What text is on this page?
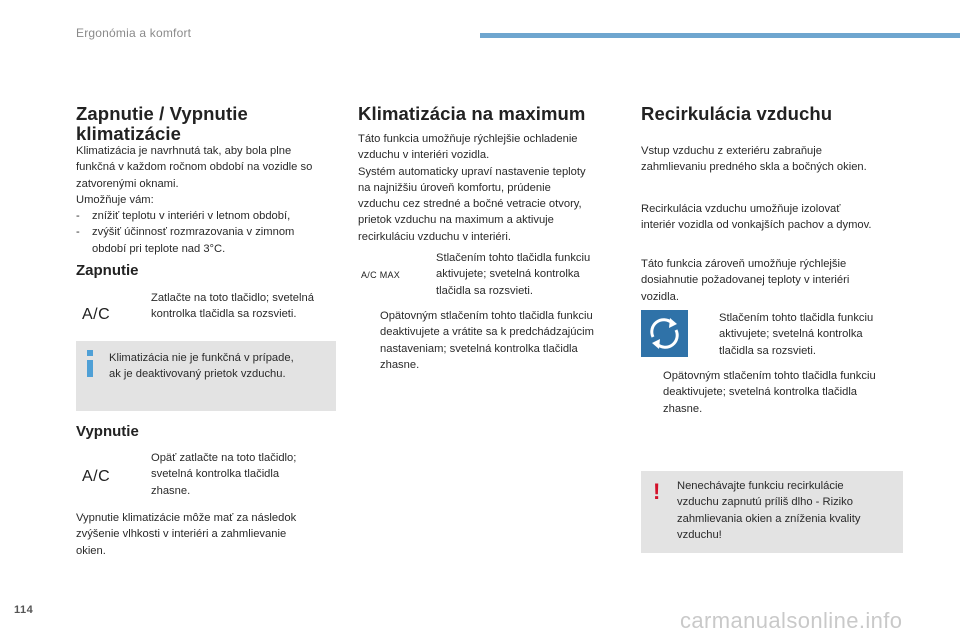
Ergonómia a komfort
Zapnutie / Vypnutie
klimatizácie

Klimatizácia je navrhnutá tak, aby bola plne

funkčná v každom ročnom období na vozidle so

zatvorenými oknami.

Umožňuje vám:

-	znížiť teplotu v interiéri v letnom období,
-	zvýšiť účinnosť rozmrazovania v zimnom
období pri teplote nad 3°C.
Zapnutie
A/C
Zatlačte na toto tlačidlo; svetelná
kontrolka tlačidla sa rozsvieti.

Klimatizácia nie je funkčná v prípade,

ak je deaktivovaný prietok vzduchu.

Vypnutie
A/C
Opäť zatlačte na toto tlačidlo;
svetelná kontrolka tlačidla
zhasne.

Vypnutie klimatizácie môže mať za následok

zvýšenie vlhkosti v interiéri a zahmlievanie

okien.

Klimatizácia na maximum

Táto funkcia umožňuje rýchlejšie ochladenie

vzduchu v interiéri vozidla.

Systém automaticky upraví nastavenie teploty

na najnižšiu úroveň komfortu, prúdenie

vzduchu cez stredné a bočné vetracie otvory,

prietok vzduchu na maximum a aktivuje

recirkuláciu vzduchu v interiéri.

A/C MAX
Stlačením tohto tlačidla funkciu
aktivujete; svetelná kontrolka
tlačidla sa rozsvieti.
Opätovným stlačením tohto tlačidla funkciu
deaktivujete a vrátite sa k predchádzajúcim
nastaveniam; svetelná kontrolka tlačidla
zhasne.
Recirkulácia vzduchu

Vstup vzduchu z exteriéru zabraňuje

zahmlievaniu predného skla a bočných okien.

Recirkulácia vzduchu umožňuje izolovať

interiér vozidla od vonkajších pachov a dymov.

Táto funkcia zároveň umožňuje rýchlejšie

dosiahnutie požadovanej teploty v interiéri

vozidla.

Stlačením tohto tlačidla funkciu
aktivujete; svetelná kontrolka
tlačidla sa rozsvieti.
Opätovným stlačením tohto tlačidla funkciu
deaktivujete; svetelná kontrolka tlačidla
zhasne.
! Nenechávajte funkciu recirkulácie

vzduchu zapnutú príliš dlho - Riziko

zahmlievania okien a zníženia kvality

vzduchu!

114	carmanualsonline.info
